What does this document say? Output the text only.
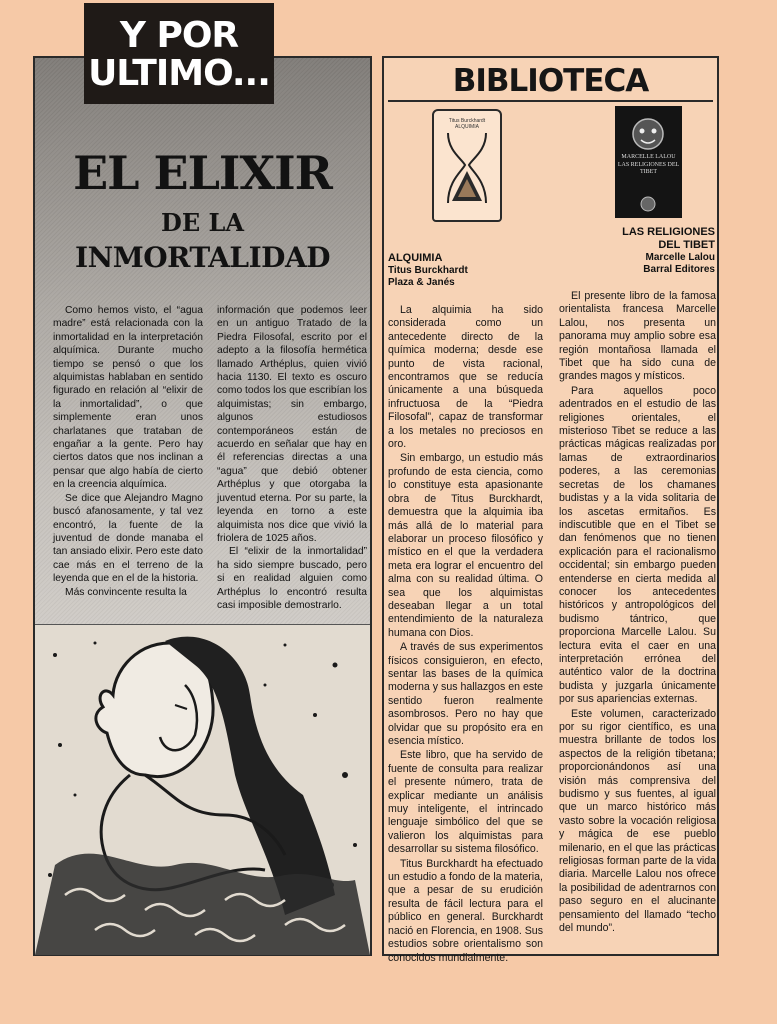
Y POR
ULTIMO...
EL ELIXIR
DE LA
INMORTALIDAD

Como hemos visto, el “agua madre” está relacionada con la inmortalidad en la interpretación alquímica. Durante mucho tiempo se pensó o que los alquimistas hablaban en sentido figurado en relación al “elixir de la inmortalidad”, o que simplemente eran unos charlatanes que trataban de engañar a la gente. Pero hay ciertos datos que nos inclinan a pensar que algo había de cierto en la creencia alquímica.

Se dice que Alejandro Magno buscó afanosamente, y tal vez encontró, la fuente de la juventud de donde manaba el tan ansiado elixir. Pero este dato cae más en el terreno de la leyenda que en el de la historia.

Más convincente resulta la

información que podemos leer en un antiguo Tratado de la Piedra Filosofal, escrito por el adepto a la filosofía hermética llamado Arthéplus, quien vivió hacia 1130. El texto es oscuro como todos los que escribían los alquimistas; sin embargo, algunos estudiosos contemporáneos están de acuerdo en señalar que hay en él referencias directas a una “agua” que debió obtener Arthéplus y que otorgaba la juventud eterna. Por su parte, la leyenda en torno a este alquimista nos dice que vivió la friolera de 1025 años.

El “elixir de la inmortalidad” ha sido siempre buscado, pero si en realidad alguien como Arthéplus lo encontró resulta casi imposible demostrarlo.

BIBLIOTECA
Titus Burckhardt
ALQUIMIA
MARCELLE LALOU
LAS RELIGIONES DEL TIBET
ALQUIMIA
Titus Burckhardt
Plaza & Janés
LAS RELIGIONES
DEL TIBET
Marcelle Lalou
Barral Editores

La alquimia ha sido considerada como un antecedente directo de la química moderna; desde ese punto de vista racional, encontramos que se reducía únicamente a una búsqueda infructuosa de la “Piedra Filosofal”, capaz de transformar a los metales no preciosos en oro.

Sin embargo, un estudio más profundo de esta ciencia, como lo constituye esta apasionante obra de Titus Burckhardt, demuestra que la alquimia iba más allá de lo material para elaborar un proceso filosófico y místico en el que la verdadera meta era lograr el encuentro del alma con su realidad última. O sea que los alquimistas deseaban llegar a un total entendimiento de la naturaleza humana con Dios.

A través de sus experimentos físicos consiguieron, en efecto, sentar las bases de la química moderna y sus hallazgos en este sentido fueron realmente asombrosos. Pero no hay que olvidar que su propósito era en esencia místico.

Este libro, que ha servido de fuente de consulta para realizar el presente número, trata de explicar mediante un análisis muy inteligente, el intrincado lenguaje simbólico del que se valieron los alquimistas para desarrollar su sistema filosófico.

Titus Burckhardt ha efectuado un estudio a fondo de la materia, que a pesar de su erudición resulta de fácil lectura para el público en general. Burckhardt nació en Florencia, en 1908. Sus estudios sobre orientalismo son conocidos mundialmente.

El presente libro de la famosa orientalista francesa Marcelle Lalou, nos presenta un panorama muy amplio sobre esa región montañosa llamada el Tibet que ha sido cuna de grandes magos y místicos.

Para aquellos poco adentrados en el estudio de las religiones orientales, el misterioso Tibet se reduce a las prácticas mágicas realizadas por lamas de extraordinarios poderes, a las ceremonias secretas de los chamanes budistas y a la vida solitaria de los ascetas ermitaños. Es indiscutible que en el Tibet se dan fenómenos que no tienen explicación para el racionalismo occidental; sin embargo pueden entenderse en cierta medida al conocer los antecedentes históricos y antropológicos del budismo tántrico, que proporciona Marcelle Lalou. Su lectura evita el caer en una interpretación errónea del auténtico valor de la doctrina budista y juzgarla únicamente por sus apariencias externas.

Este volumen, caracterizado por su rigor científico, es una muestra brillante de todos los aspectos de la religión tibetana; proporcionándonos así una visión más comprensiva del budismo y sus fuentes, al igual que un marco histórico más vasto sobre la vocación religiosa y mágica de ese pueblo milenario, en el que las prácticas religiosas forman parte de la vida diaria. Marcelle Lalou nos ofrece la posibilidad de adentrarnos con paso seguro en el alucinante pensamiento del llamado “techo del mundo”.
